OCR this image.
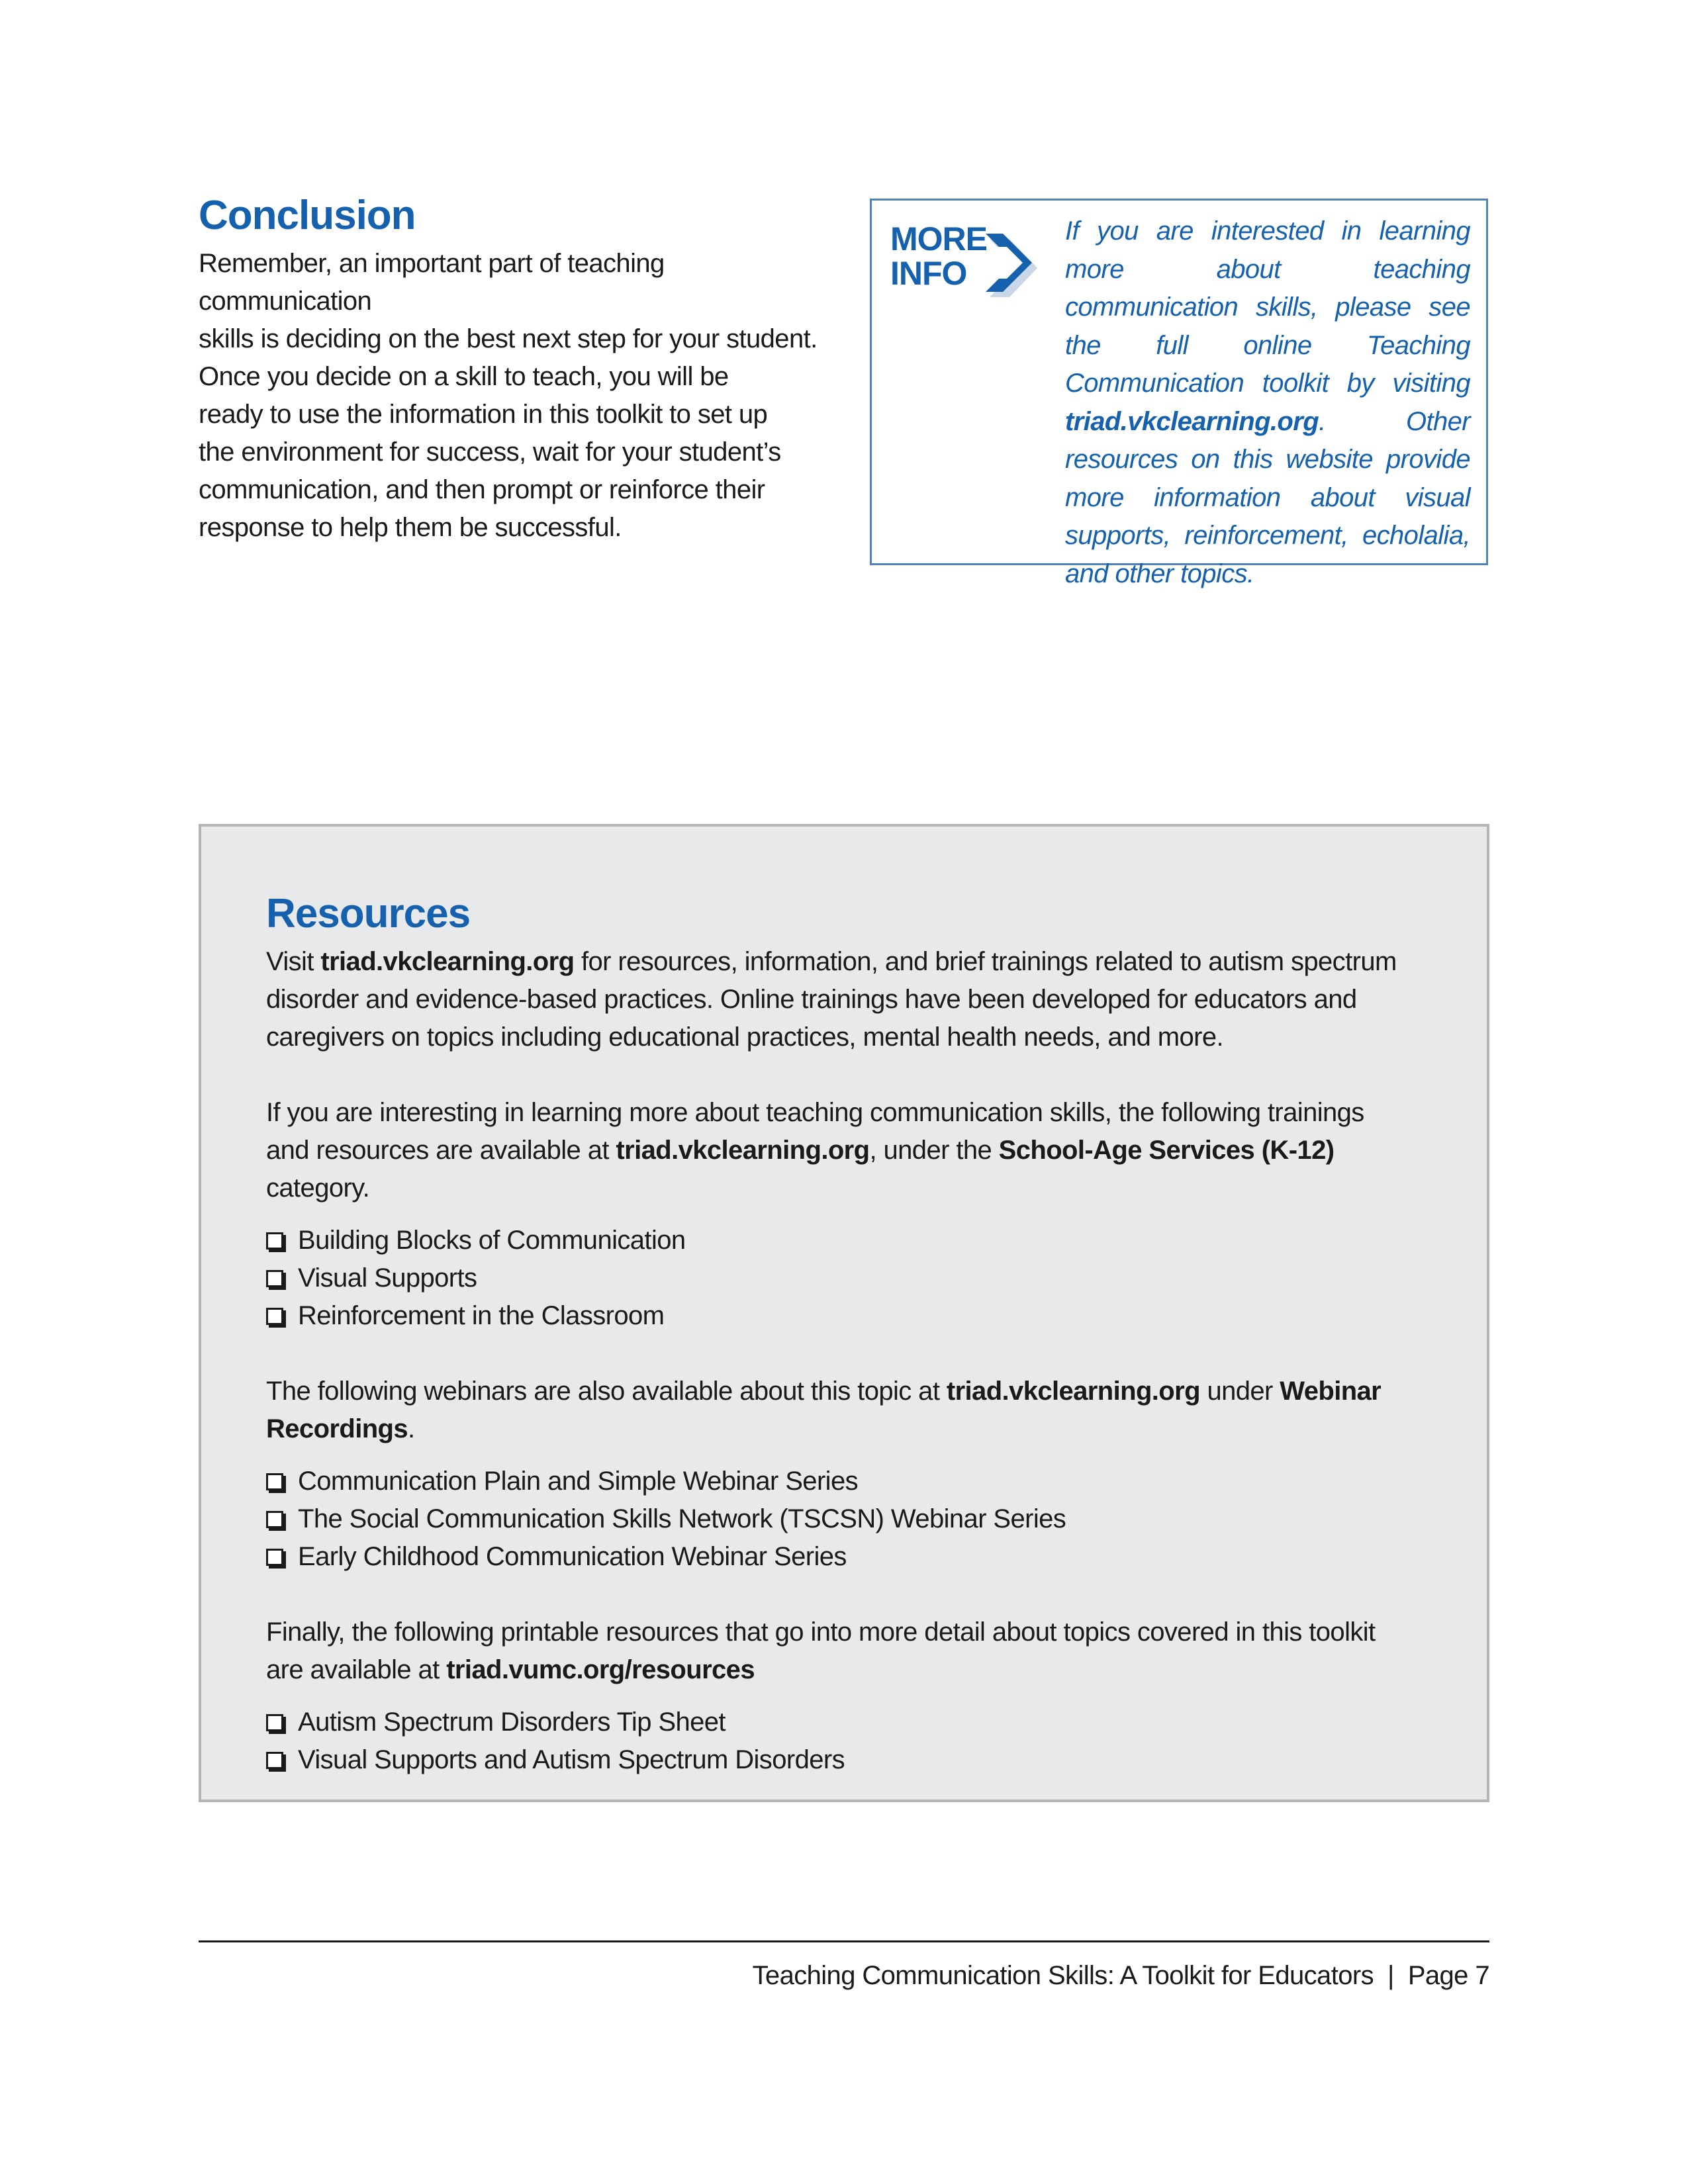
Conclusion

Remember, an important part of teaching communication
skills is deciding on the best next step for your student.
Once you decide on a skill to teach, you will be
ready to use the information in this toolkit to set up
the environment for success, wait for your student’s
communication, and then prompt or reinforce their
response to help them be successful.

MORE
INFO

If you are interested in learning more about teaching communication skills, please see the full online Teaching Communication toolkit by visiting triad.vkclearning.org. Other resources on this website provide more information about visual supports, reinforcement, echolalia, and other topics.

Resources

Visit triad.vkclearning.org for resources, information, and brief trainings related to autism spectrum disorder and evidence-based practices. Online trainings have been developed for educators and caregivers on topics including educational practices, mental health needs, and more.

If you are interesting in learning more about teaching communication skills, the following trainings and resources are available at triad.vkclearning.org, under the School-Age Services (K-12) category.

Building Blocks of Communication
Visual Supports
Reinforcement in the Classroom

The following webinars are also available about this topic at triad.vkclearning.org under Webinar Recordings.

Communication Plain and Simple Webinar Series
The Social Communication Skills Network (TSCSN) Webinar Series
Early Childhood Communication Webinar Series

Finally, the following printable resources that go into more detail about topics covered in this toolkit are available at triad.vumc.org/resources

Autism Spectrum Disorders Tip Sheet
Visual Supports and Autism Spectrum Disorders
Teaching Communication Skills: A Toolkit for Educators  |  Page 7
